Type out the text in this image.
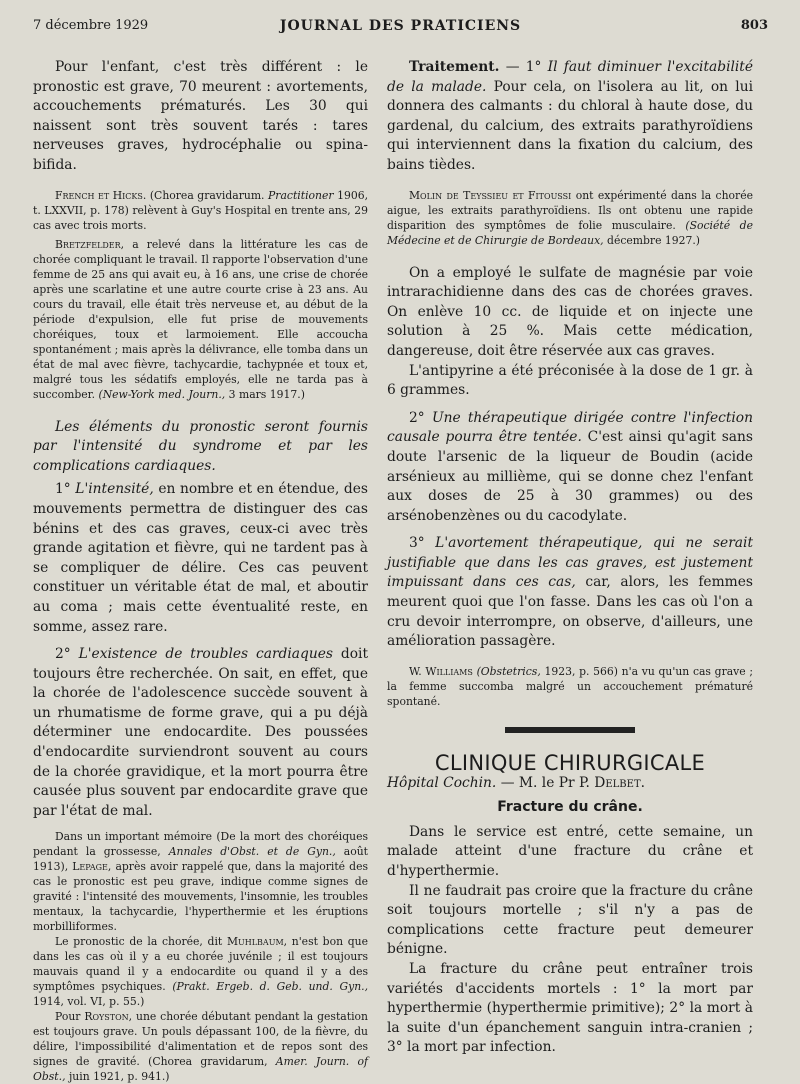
7 décembre 1929	JOURNAL DES PRATICIENS	803

Pour l'enfant, c'est très différent : le pronostic est grave, 70 meurent : avortements, accouchements prématurés. Les 30 qui naissent sont très souvent tarés : tares nerveuses graves, hydrocéphalie ou spina-bifida.

French et Hicks. (Chorea gravidarum. Practitioner 1906, t. LXXVII, p. 178) relèvent à Guy's Hospital en trente ans, 29 cas avec trois morts.

Bretzfelder, a relevé dans la littérature les cas de chorée compliquant le travail. Il rapporte l'observation d'une femme de 25 ans qui avait eu, à 16 ans, une crise de chorée après une scarlatine et une autre courte crise à 23 ans. Au cours du travail, elle était très nerveuse et, au début de la période d'expulsion, elle fut prise de mouvements choréiques, toux et larmoiement. Elle accoucha spontanément ; mais après la délivrance, elle tomba dans un état de mal avec fièvre, tachycardie, tachypnée et toux et, malgré tous les sédatifs employés, elle ne tarda pas à succomber. (New-York med. Journ., 3 mars 1917.)

Les éléments du pronostic seront fournis par l'intensité du syndrome et par les complications cardiaques.

1° L'intensité, en nombre et en étendue, des mouvements permettra de distinguer des cas bénins et des cas graves, ceux-ci avec très grande agitation et fièvre, qui ne tardent pas à se compliquer de délire. Ces cas peuvent constituer un véritable état de mal, et aboutir au coma ; mais cette éventualité reste, en somme, assez rare.

2° L'existence de troubles cardiaques doit toujours être recherchée. On sait, en effet, que la chorée de l'adolescence succède souvent à un rhumatisme de forme grave, qui a pu déjà déterminer une endocardite. Des poussées d'endocardite surviendront souvent au cours de la chorée gravidique, et la mort pourra être causée plus souvent par endocardite grave que par l'état de mal.

Dans un important mémoire (De la mort des choréiques pendant la grossesse, Annales d'Obst. et de Gyn., août 1913), Lepage, après avoir rappelé que, dans la majorité des cas le pronostic est peu grave, indique comme signes de gravité : l'intensité des mouvements, l'insomnie, les troubles mentaux, la tachycardie, l'hyperthermie et les éruptions morbilliformes.

Le pronostic de la chorée, dit Muhlbaum, n'est bon que dans les cas où il y a eu chorée juvénile ; il est toujours mauvais quand il y a endocardite ou quand il y a des symptômes psychiques. (Prakt. Ergeb. d. Geb. und. Gyn., 1914, vol. VI, p. 55.)

Pour Royston, une chorée débutant pendant la gestation est toujours grave. Un pouls dépassant 100, de la fièvre, du délire, l'impossibilité d'alimentation et de repos sont des signes de gravité. (Chorea gravidarum, Amer. Journ. of Obst., juin 1921, p. 941.)

Traitement. — 1° Il faut diminuer l'excitabilité de la malade. Pour cela, on l'isolera au lit, on lui donnera des calmants : du chloral à haute dose, du gardenal, du calcium, des extraits parathyroïdiens qui interviennent dans la fixation du calcium, des bains tièdes.

Molin de Teyssieu et Fitoussi ont expérimenté dans la chorée aigue, les extraits parathyroïdiens. Ils ont obtenu une rapide disparition des symptômes de folie musculaire. (Société de Médecine et de Chirurgie de Bordeaux, décembre 1927.)

On a employé le sulfate de magnésie par voie intrarachidienne dans des cas de chorées graves. On enlève 10 cc. de liquide et on injecte une solution à 25 %. Mais cette médication, dangereuse, doit être réservée aux cas graves.

L'antipyrine a été préconisée à la dose de 1 gr. à 6 grammes.

2° Une thérapeutique dirigée contre l'infection causale pourra être tentée. C'est ainsi qu'agit sans doute l'arsenic de la liqueur de Boudin (acide arsénieux au millième, qui se donne chez l'enfant aux doses de 25 à 30 grammes) ou des arsénobenzènes ou du cacodylate.

3° L'avortement thérapeutique, qui ne serait justifiable que dans les cas graves, est justement impuissant dans ces cas, car, alors, les femmes meurent quoi que l'on fasse. Dans les cas où l'on a cru devoir interrompre, on observe, d'ailleurs, une amélioration passagère.

W. Williams (Obstetrics, 1923, p. 566) n'a vu qu'un cas grave ; la femme succomba malgré un accouchement prématuré spontané.

CLINIQUE CHIRURGICALE

Hôpital Cochin. — M. le Pr P. Delbet.

Fracture du crâne.

Dans le service est entré, cette semaine, un malade atteint d'une fracture du crâne et d'hyperthermie.

Il ne faudrait pas croire que la fracture du crâne soit toujours mortelle ; s'il n'y a pas de complications cette fracture peut demeurer bénigne.

La fracture du crâne peut entraîner trois variétés d'accidents mortels : 1° la mort par hyperthermie (hyperthermie primitive); 2° la mort à la suite d'un épanchement sanguin intra-cranien ; 3° la mort par infection.
